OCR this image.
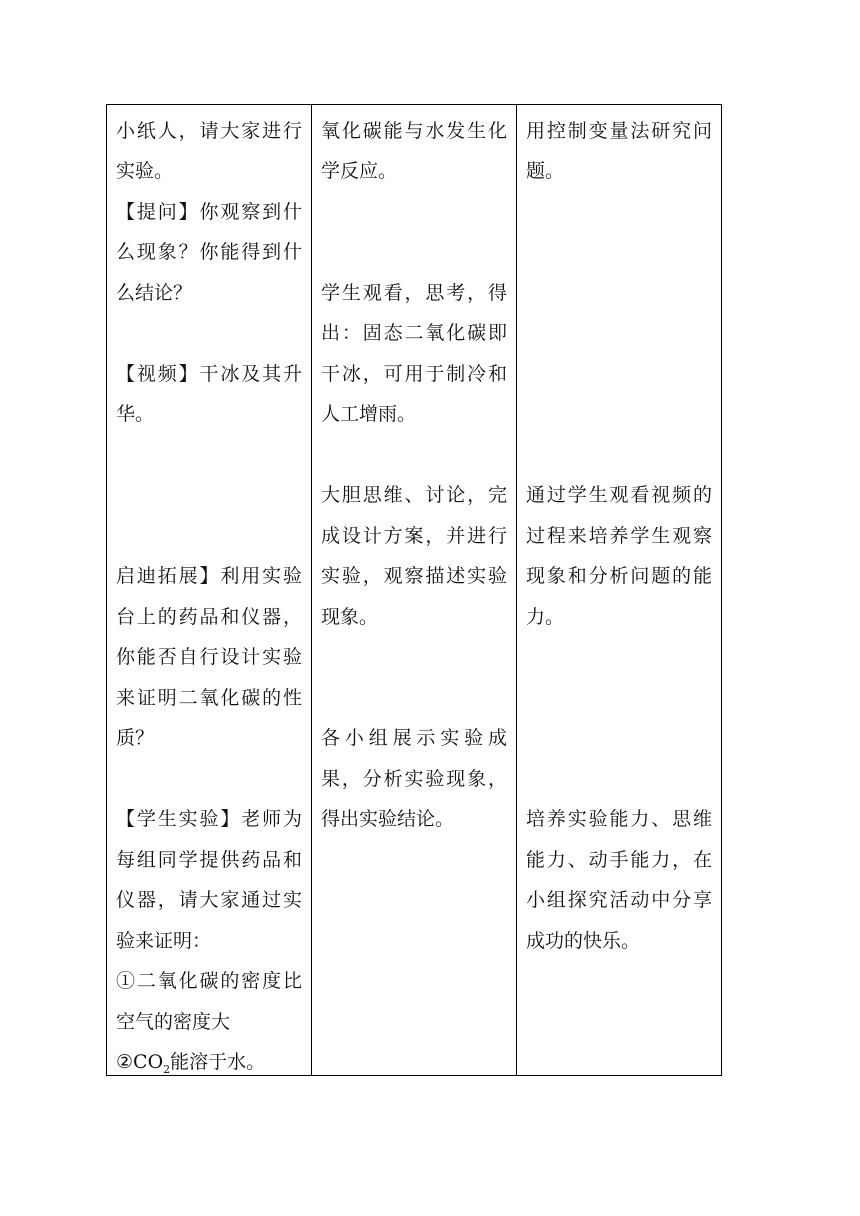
小纸人，请大家进行
实验。
【提问】你观察到什
么现象？你能得到什
么结论？
【视频】干冰及其升
华。
启迪拓展】利用实验
台上的药品和仪器，
你能否自行设计实验
来证明二氧化碳的性
质？
【学生实验】老师为
每组同学提供药品和
仪器，请大家通过实
验来证明：
①二氧化碳的密度比
空气的密度大
$②CO_2$能溶于水。
氧化碳能与水发生化
学反应。
学生观看，思考，得
出：固态二氧化碳即
干冰，可用于制冷和
人工增雨。
大胆思维、讨论，完
成设计方案，并进行
实验，观察描述实验
现象。
各小组展示实验成
果，分析实验现象，
得出实验结论。
用控制变量法研究问
题。
通过学生观看视频的
过程来培养学生观察
现象和分析问题的能
力。
培养实验能力、思维
能力、动手能力，在
小组探究活动中分享
成功的快乐。
